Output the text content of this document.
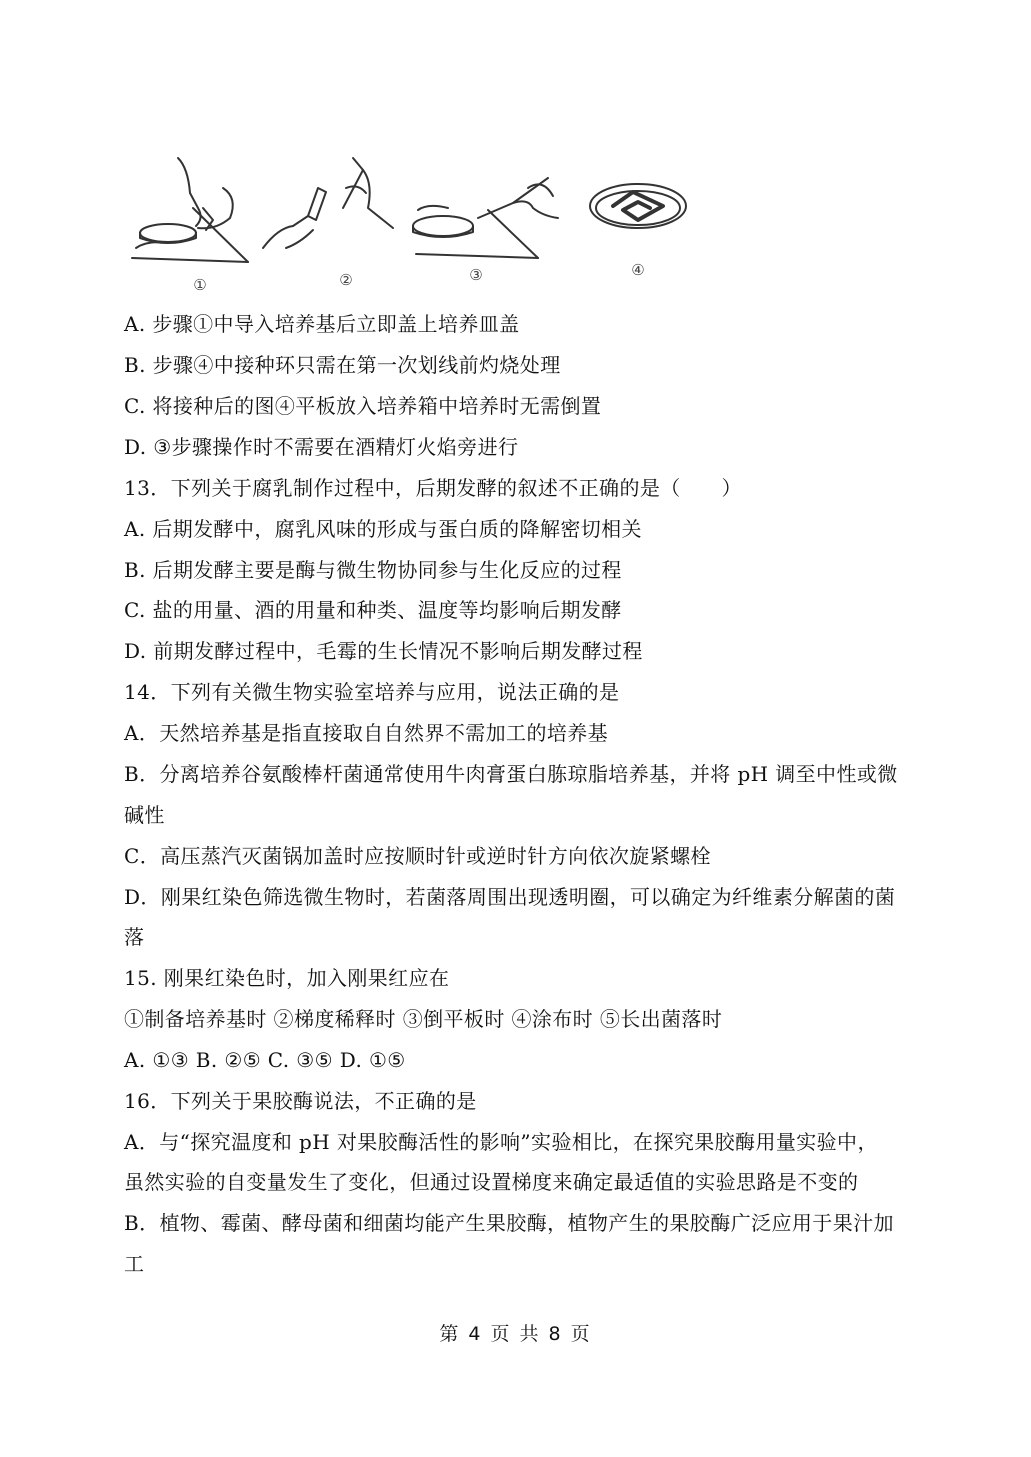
①	②	③	④
A. 步骤①中导入培养基后立即盖上培养皿盖
B. 步骤④中接种环只需在第一次划线前灼烧处理
C. 将接种后的图④平板放入培养箱中培养时无需倒置
D. ③步骤操作时不需要在酒精灯火焰旁进行
13．下列关于腐乳制作过程中，后期发酵的叙述不正确的是（　　）
A. 后期发酵中，腐乳风味的形成与蛋白质的降解密切相关
B. 后期发酵主要是酶与微生物协同参与生化反应的过程
C. 盐的用量、酒的用量和种类、温度等均影响后期发酵
D. 前期发酵过程中，毛霉的生长情况不影响后期发酵过程
14．下列有关微生物实验室培养与应用，说法正确的是
A．天然培养基是指直接取自自然界不需加工的培养基
B．分离培养谷氨酸棒杆菌通常使用牛肉膏蛋白胨琼脂培养基，并将 pH 调至中性或微
碱性
C．高压蒸汽灭菌锅加盖时应按顺时针或逆时针方向依次旋紧螺栓
D．刚果红染色筛选微生物时，若菌落周围出现透明圈，可以确定为纤维素分解菌的菌
落
15. 刚果红染色时，加入刚果红应在
①制备培养基时 ②梯度稀释时 ③倒平板时 ④涂布时 ⑤长出菌落时
A. ①③ B. ②⑤ C. ③⑤ D. ①⑤
16．下列关于果胶酶说法，不正确的是
A．与“探究温度和 pH 对果胶酶活性的影响”实验相比，在探究果胶酶用量实验中，
虽然实验的自变量发生了变化，但通过设置梯度来确定最适值的实验思路是不变的
B．植物、霉菌、酵母菌和细菌均能产生果胶酶，植物产生的果胶酶广泛应用于果汁加
工
第 4 页 共 8 页
